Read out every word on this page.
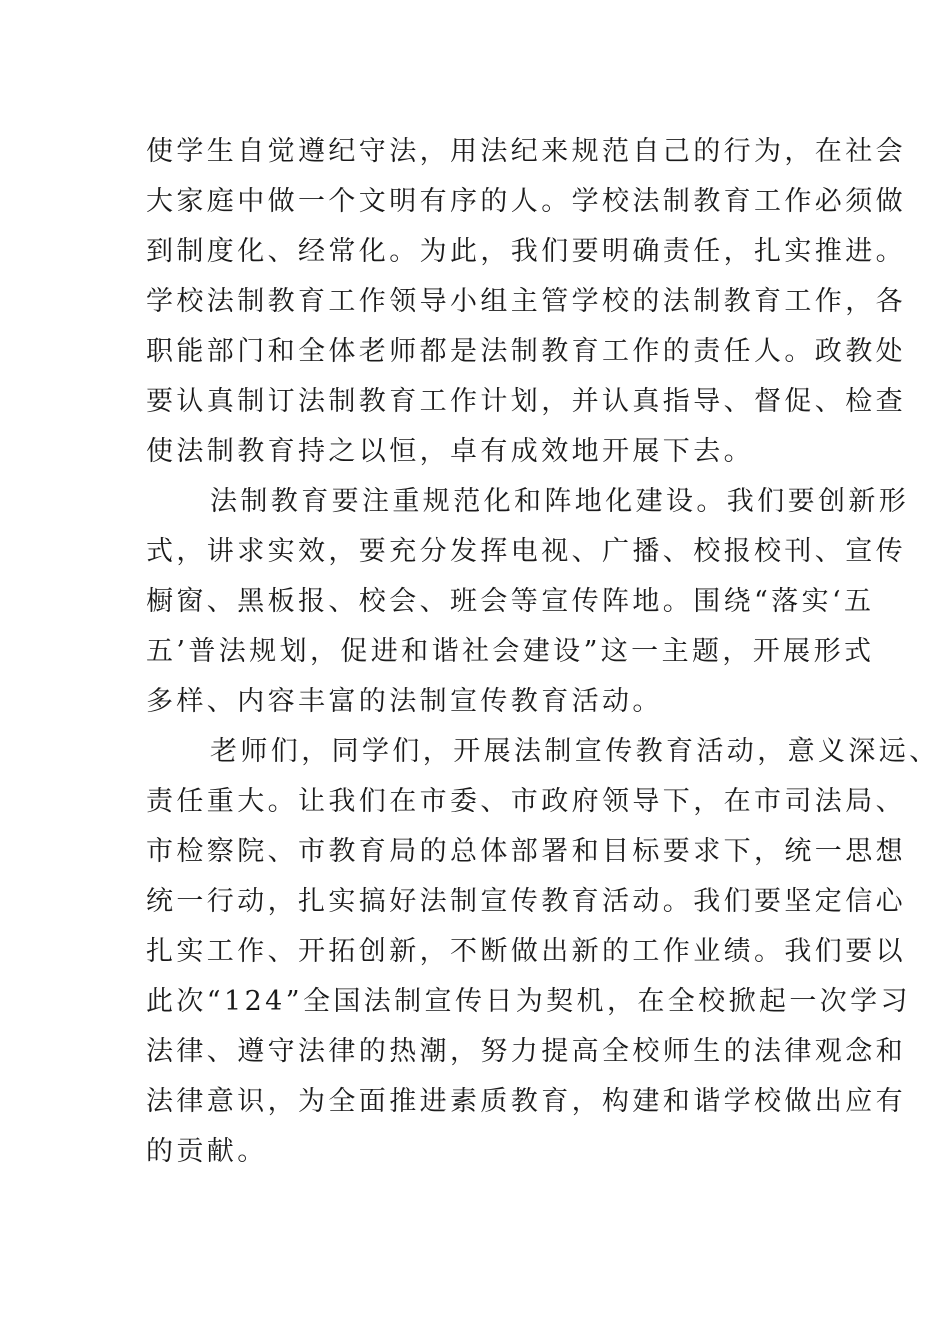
使学生自觉遵纪守法，用法纪来规范自己的行为，在社会
大家庭中做一个文明有序的人。学校法制教育工作必须做
到制度化、经常化。为此，我们要明确责任，扎实推进。
学校法制教育工作领导小组主管学校的法制教育工作，各
职能部门和全体老师都是法制教育工作的责任人。政教处
要认真制订法制教育工作计划，并认真指导、督促、检查
使法制教育持之以恒，卓有成效地开展下去。
法制教育要注重规范化和阵地化建设。我们要创新形
式，讲求实效，要充分发挥电视、广播、校报校刊、宣传
橱窗、黑板报、校会、班会等宣传阵地。围绕“落实‘五
五’普法规划，促进和谐社会建设”这一主题，开展形式
多样、内容丰富的法制宣传教育活动。
老师们，同学们，开展法制宣传教育活动，意义深远、
责任重大。让我们在市委、市政府领导下，在市司法局、
市检察院、市教育局的总体部署和目标要求下，统一思想
统一行动，扎实搞好法制宣传教育活动。我们要坚定信心
扎实工作、开拓创新，不断做出新的工作业绩。我们要以
此次“124”全国法制宣传日为契机，在全校掀起一次学习
法律、遵守法律的热潮，努力提高全校师生的法律观念和
法律意识，为全面推进素质教育，构建和谐学校做出应有
的贡献。
